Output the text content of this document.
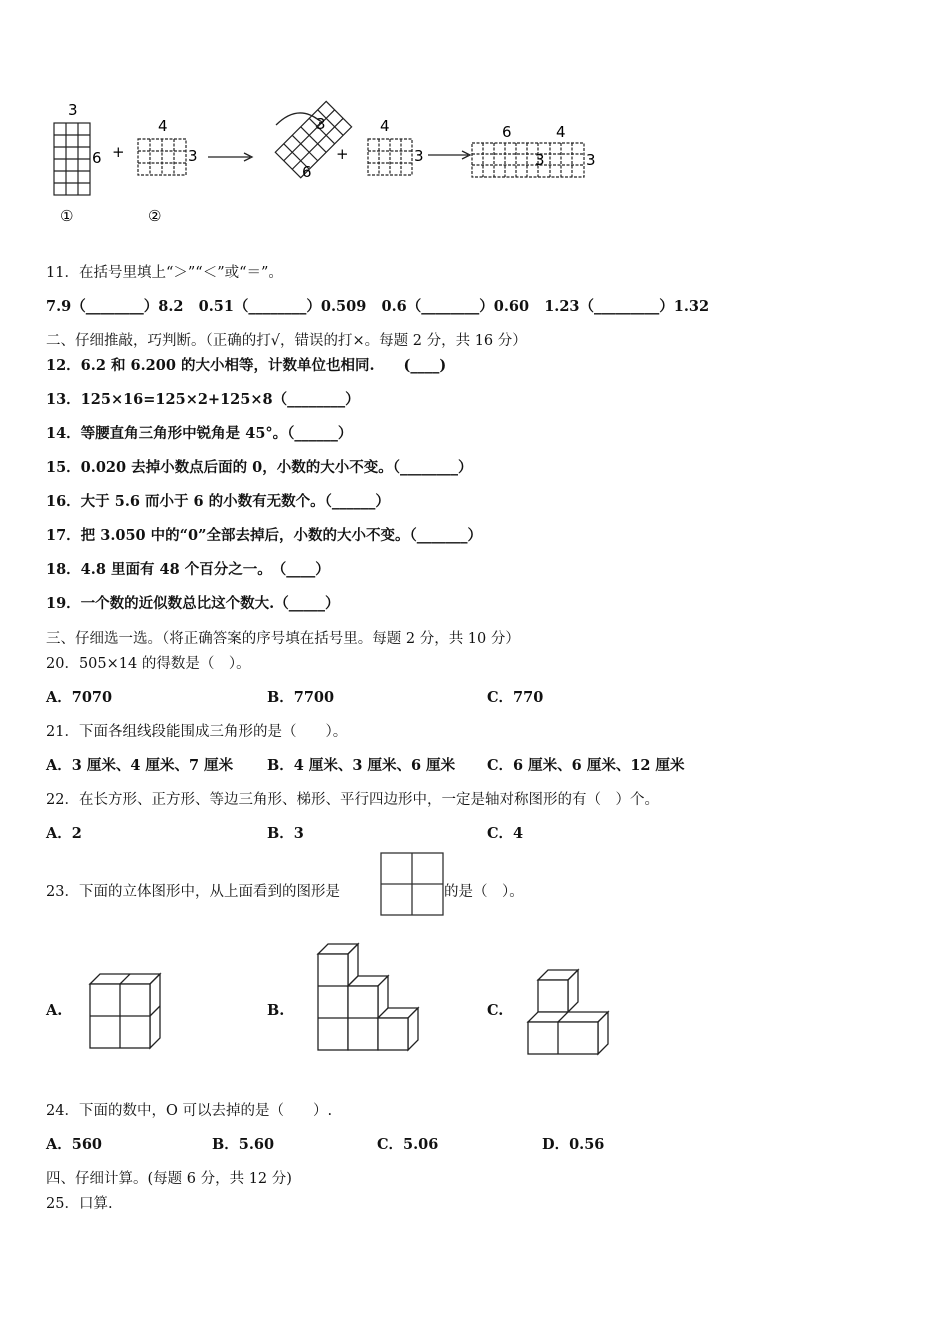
3
6 +
①
4
3
②
3
6
+
4
3
6	4
3	3
11．在括号里填上“＞”“＜”或“＝”。
7.9（________）8.2 0.51（________）0.509 0.6（________）0.60 1.23（_________）1.32
二、仔细推敲，巧判断。（正确的打√，错误的打×。每题 2 分，共 16 分）
12．6.2 和 6.200 的大小相等，计数单位也相同.　　(____)
13．125×16=125×2+125×8（________）
14．等腰直角三角形中锐角是 45°。（______）
15．0.020 去掉小数点后面的 0，小数的大小不变。（________）
16．大于 5.6 而小于 6 的小数有无数个。（______）
17．把 3.050 中的“0”全部去掉后，小数的大小不变。（_______）
18．4.8 里面有 48 个百分之一。　（____）
19．一个数的近似数总比这个数大.（_____）
三、仔细选一选。（将正确答案的序号填在括号里。每题 2 分，共 10 分）
20．505×14 的得数是（　）。
A．7070	B．7700	C．770
21．下面各组线段能围成三角形的是（　　）。
A．3 厘米、4 厘米、7 厘米 B．4 厘米、3 厘米、6 厘米 C．6 厘米、6 厘米、12 厘米
22．在长方形、正方形、等边三角形、梯形、平行四边形中，一定是轴对称图形的有（　）个。
A．2	B．3	C．4
23．下面的立体图形中，从上面看到的图形是	的是（　）。
A.	B.	C.
24．下面的数中，O 可以去掉的是（　　）.
A．560	B．5.60	C．5.06	D．0.56
四、仔细计算。(每题 6 分，共 12 分)
25．口算.
